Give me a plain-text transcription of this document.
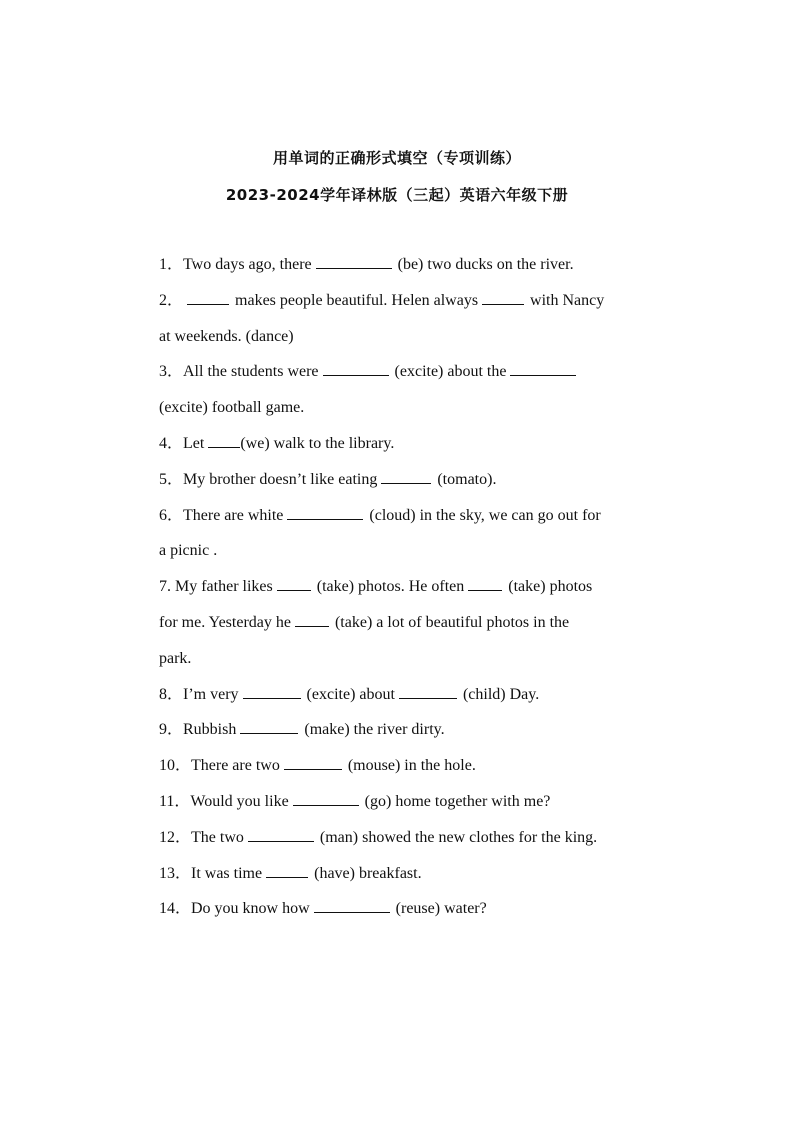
用单词的正确形式填空（专项训练）
2023-2024学年译林版（三起）英语六年级下册
1．Two days ago, there	(be) two ducks on the river.
2．	makes people beautiful. Helen always	with Nancy
at weekends. (dance)
3．All the students were	(excite) about the
(excite) football game.
4．Let (we) walk to the library.
5．My brother doesn’t like eating	(tomato).
6．There are white	(cloud) in the sky, we can go out for
a picnic .
7. My father likes	(take) photos. He often	(take) photos
for me. Yesterday he	(take) a lot of beautiful photos in the
park.
8．I’m very	(excite) about	(child) Day.
9．Rubbish	(make) the river dirty.
10．There are two	(mouse) in the hole.
11．Would you like	(go) home together with me?
12．The two	(man) showed the new clothes for the king.
13．It was time	(have) breakfast.
14．Do you know how	(reuse) water?
